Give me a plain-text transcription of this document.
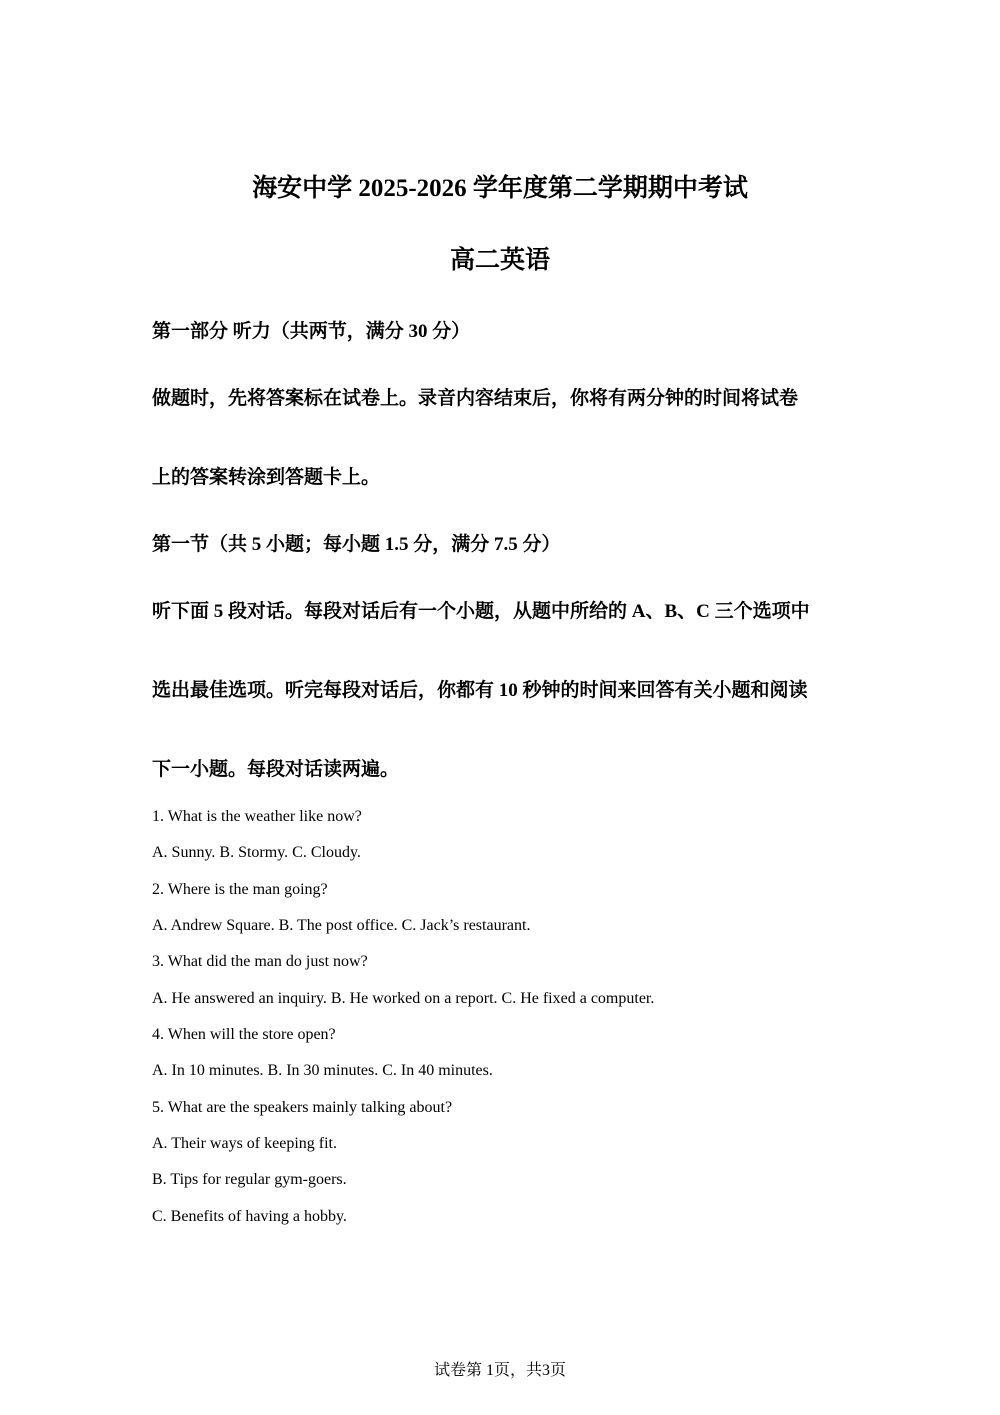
海安中学 2025-2026 学年度第二学期期中考试
高二英语
第一部分 听力（共两节，满分 30 分）
做题时，先将答案标在试卷上。录音内容结束后，你将有两分钟的时间将试卷
上的答案转涂到答题卡上。
第一节（共 5 小题；每小题 1.5 分，满分 7.5 分）
听下面 5 段对话。每段对话后有一个小题，从题中所给的 A、B、C 三个选项中
选出最佳选项。听完每段对话后，你都有 10 秒钟的时间来回答有关小题和阅读
下一小题。每段对话读两遍。
1. What is the weather like now?
A. Sunny. B. Stormy. C. Cloudy.
2. Where is the man going?
A. Andrew Square. B. The post office. C. Jack’s restaurant.
3. What did the man do just now?
A. He answered an inquiry. B. He worked on a report. C. He fixed a computer.
4. When will the store open?
A. In 10 minutes. B. In 30 minutes. C. In 40 minutes.
5. What are the speakers mainly talking about?
A. Their ways of keeping fit.
B. Tips for regular gym-goers.
C. Benefits of having a hobby.
试卷第 1页，共3页
